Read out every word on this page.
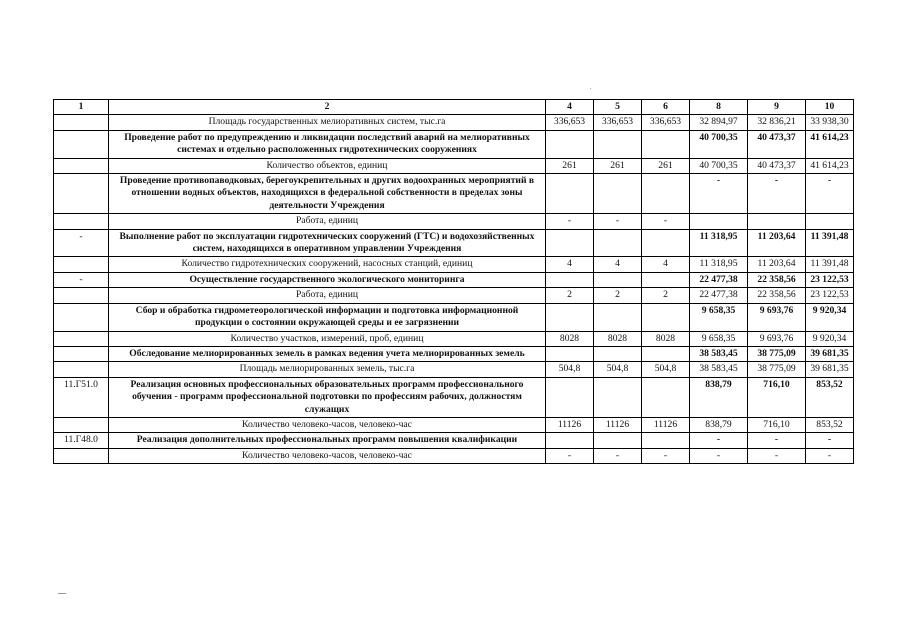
1	2	4	5	6	8	9	10
	Площадь государственных мелиоративных систем, тыс.га	336,653	336,653	336,653	32 894,97	32 836,21	33 938,30
	Проведение работ по предупреждению и ликвидации последствий аварий на мелиоративных системах и отдельно расположенных гидротехнических сооружениях				40 700,35	40 473,37	41 614,23
	Количество объектов, единиц	261	261	261	40 700,35	40 473,37	41 614,23
	Проведение противопаводковых, берегоукрепительных и других водоохранных мероприятий в отношении водных объектов, находящихся в федеральной собственности в пределах зоны деятельности Учреждения				-	-	-
	Работа, единиц	-	-	-			
-	Выполнение работ по эксплуатации гидротехнических сооружений (ГТС) и водохозяйственных систем, находящихся в оперативном управлении Учреждения				11 318,95	11 203,64	11 391,48
	Количество гидротехнических сооружений, насосных станций, единиц	4	4	4	11 318,95	11 203,64	11 391,48
-	Осуществление государственного экологического мониторинга				22 477,38	22 358,56	23 122,53
	Работа, единиц	2	2	2	22 477,38	22 358,56	23 122,53
	Сбор и обработка гидрометеорологической информации и подготовка информационной продукции о состоянии окружающей среды и ее загрязнении				9 658,35	9 693,76	9 920,34
	Количество участков, измерений, проб, единиц	8028	8028	8028	9 658,35	9 693,76	9 920,34
	Обследование мелиорированных земель в рамках ведения учета мелиорированных земель				38 583,45	38 775,09	39 681,35
	Площадь мелиорированных земель, тыс.га	504,8	504,8	504,8	38 583,45	38 775,09	39 681,35
11.Г51.0	Реализация основных профессиональных образовательных программ профессионального обучения - программ профессиональной подготовки по профессиям рабочих, должностям служащих				838,79	716,10	853,52
	Количество человеко-часов, человеко-час	11126	11126	11126	838,79	716,10	853,52
11.Г48.0	Реализация дополнительных профессиональных программ повышения квалификации				-	-	-
	Количество человеко-часов, человеко-час	-	-	-	-	-	-
